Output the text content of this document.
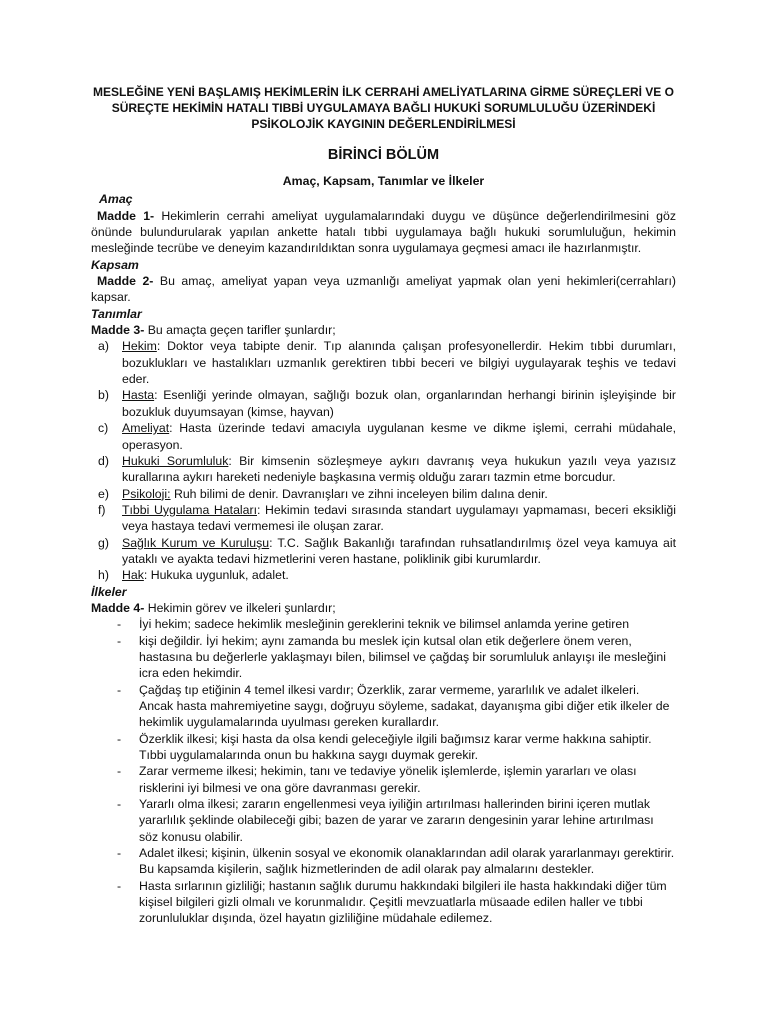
MESLEĞİNE YENİ BAŞLAMIŞ HEKİMLERİN İLK CERRAHİ AMELİYATLARINA GİRME SÜREÇLERİ VE O SÜREÇTE HEKİMİN HATALI TIBBİ UYGULAMAYA BAĞLI HUKUKİ SORUMLULUĞU ÜZERİNDEKİ PSİKOLOJİK KAYGININ DEĞERLENDİRİLMESİ

BİRİNCİ BÖLÜM

Amaç, Kapsam, Tanımlar ve İlkeler

Amaç

Madde 1- Hekimlerin cerrahi ameliyat uygulamalarındaki duygu ve düşünce değerlendirilmesini göz önünde bulundurularak yapılan ankette hatalı tıbbi uygulamaya bağlı hukuki sorumluluğun, hekimin mesleğinde tecrübe ve deneyim kazandırıldıktan sonra uygulamaya geçmesi amacı ile hazırlanmıştır.

Kapsam

Madde 2- Bu amaç, ameliyat yapan veya uzmanlığı ameliyat yapmak olan yeni hekimleri(cerrahları) kapsar.

Tanımlar

Madde 3- Bu amaçta geçen tarifler şunlardır;

a) Hekim: Doktor veya tabipte denir. Tıp alanında çalışan profesyonellerdir. Hekim tıbbi durumları, bozuklukları ve hastalıkları uzmanlık gerektiren tıbbi beceri ve bilgiyi uygulayarak teşhis ve tedavi eder.
b) Hasta: Esenliği yerinde olmayan, sağlığı bozuk olan, organlarından herhangi birinin işleyişinde bir bozukluk duyumsayan (kimse, hayvan)
c) Ameliyat: Hasta üzerinde tedavi amacıyla uygulanan kesme ve dikme işlemi, cerrahi müdahale, operasyon.
d) Hukuki Sorumluluk: Bir kimsenin sözleşmeye aykırı davranış veya hukukun yazılı veya yazısız kurallarına aykırı hareketi nedeniyle başkasına vermiş olduğu zararı tazmin etme borcudur.
e) Psikoloji: Ruh bilimi de denir. Davranışları ve zihni inceleyen bilim dalına denir.
f) Tıbbi Uygulama Hataları: Hekimin tedavi sırasında standart uygulamayı yapmaması, beceri eksikliği veya hastaya tedavi vermemesi ile oluşan zarar.
g) Sağlık Kurum ve Kuruluşu: T.C. Sağlık Bakanlığı tarafından ruhsatlandırılmış özel veya kamuya ait yataklı ve ayakta tedavi hizmetlerini veren hastane, poliklinik gibi kurumlardır.
h) Hak: Hukuka uygunluk, adalet.

İlkeler

Madde 4- Hekimin görev ve ilkeleri şunlardır;

- İyi hekim; sadece hekimlik mesleğinin gereklerini teknik ve bilimsel anlamda yerine getiren
- kişi değildir. İyi hekim; aynı zamanda bu meslek için kutsal olan etik değerlere önem veren, hastasına bu değerlerle yaklaşmayı bilen, bilimsel ve çağdaş bir sorumluluk anlayışı ile mesleğini icra eden hekimdir.
- Çağdaş tıp etiğinin 4 temel ilkesi vardır; Özerklik, zarar vermeme, yararlılık ve adalet ilkeleri. Ancak hasta mahremiyetine saygı, doğruyu söyleme, sadakat, dayanışma gibi diğer etik ilkeler de hekimlik uygulamalarında uyulması gereken kurallardır.
- Özerklik ilkesi; kişi hasta da olsa kendi geleceğiyle ilgili bağımsız karar verme hakkına sahiptir. Tıbbi uygulamalarında onun bu hakkına saygı duymak gerekir.
- Zarar vermeme ilkesi; hekimin, tanı ve tedaviye yönelik işlemlerde, işlemin yararları ve olası risklerini iyi bilmesi ve ona göre davranması gerekir.
- Yararlı olma ilkesi; zararın engellenmesi veya iyiliğin artırılması hallerinden birini içeren mutlak yararlılık şeklinde olabileceği gibi; bazen de yarar ve zararın dengesinin yarar lehine artırılması söz konusu olabilir.
- Adalet ilkesi; kişinin, ülkenin sosyal ve ekonomik olanaklarından adil olarak yararlanmayı gerektirir. Bu kapsamda kişilerin, sağlık hizmetlerinden de adil olarak pay almalarını destekler.
- Hasta sırlarının gizliliği; hastanın sağlık durumu hakkındaki bilgileri ile hasta hakkındaki diğer tüm kişisel bilgileri gizli olmalı ve korunmalıdır. Çeşitli mevzuatlarla müsaade edilen haller ve tıbbi zorunluluklar dışında, özel hayatın gizliliğine müdahale edilemez.
